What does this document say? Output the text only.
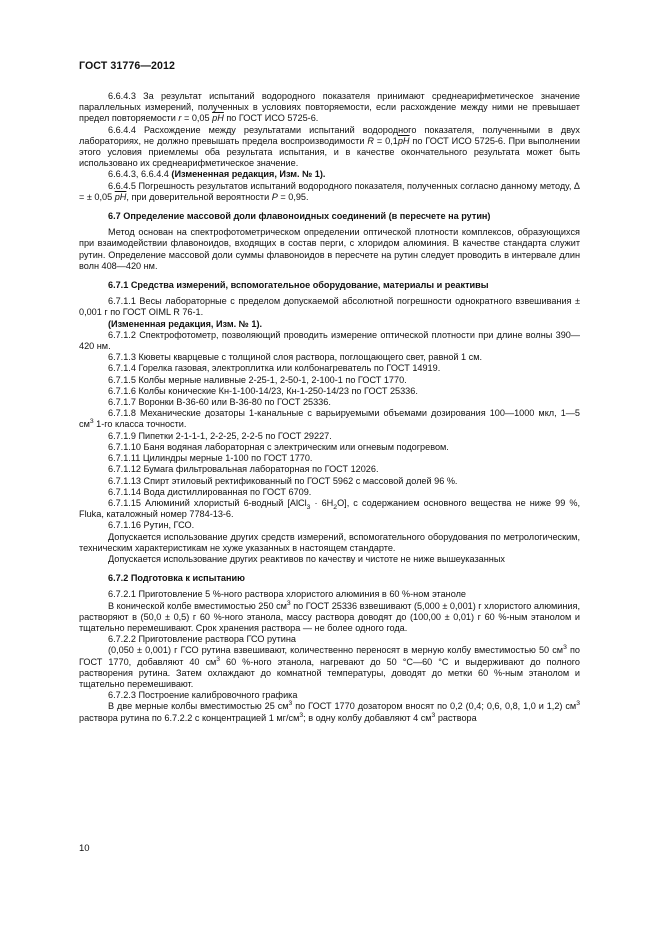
ГОСТ 31776—2012

6.6.4.3 За результат испытаний водородного показателя принимают среднеарифметическое значение параллельных измерений, полученных в условиях повторяемости, если расхождение между ними не превышает предел повторяемости r = 0,05 $\overline{pH}$ по ГОСТ ИСО 5725-6.

6.6.4.4 Расхождение между результатами испытаний водородного показателя, полученными в двух лабораториях, не должно превышать предела воспроизводимости $R = 0,1\overline{pH}$ по ГОСТ ИСО 5725-6. При выполнении этого условия приемлемы оба результата испытания, и в качестве окончательного результата может быть использовано их среднеарифметическое значение.

6.6.4.3, 6.6.4.4 (Измененная редакция, Изм. № 1).

6.6.4.5 Погрешность результатов испытаний водородного показателя, полученных согласно данному методу, Δ = ± 0,05 $\overline{pH}$, при доверительной вероятности P = 0,95.

6.7 Определение массовой доли флавоноидных соединений (в пересчете на рутин)

Метод основан на спектрофотометрическом определении оптической плотности комплексов, образующихся при взаимодействии флавоноидов, входящих в состав перги, с хлоридом алюминия. В качестве стандарта служит рутин. Определение массовой доли суммы флавоноидов в пересчете на рутин следует проводить в интервале длин волн 408—420 нм.

6.7.1 Средства измерений, вспомогательное оборудование, материалы и реактивы

6.7.1.1 Весы лабораторные с пределом допускаемой абсолютной погрешности однократного взвешивания ± 0,001 г по ГОСТ OIML R 76-1.

(Измененная редакция, Изм. № 1).

6.7.1.2 Спектрофотометр, позволяющий проводить измерение оптической плотности при длине волны 390—420 нм.

6.7.1.3 Кюветы кварцевые с толщиной слоя раствора, поглощающего свет, равной 1 см.

6.7.1.4 Горелка газовая, электроплитка или колбонагреватель по ГОСТ 14919.

6.7.1.5 Колбы мерные наливные 2-25-1, 2-50-1, 2-100-1 по ГОСТ 1770.

6.7.1.6 Колбы конические Кн-1-100-14/23, Кн-1-250-14/23 по ГОСТ 25336.

6.7.1.7 Воронки В-36-60 или В-36-80 по ГОСТ 25336.

6.7.1.8 Механические дозаторы 1-канальные с варьируемыми объемами дозирования 100—1000 мкл, 1—5 $см^3$ 1-го класса точности.

6.7.1.9 Пипетки 2-1-1-1, 2-2-25, 2-2-5 по ГОСТ 29227.

6.7.1.10 Баня водяная лабораторная с электрическим или огневым подогревом.

6.7.1.11 Цилиндры мерные 1-100 по ГОСТ 1770.

6.7.1.12 Бумага фильтровальная лабораторная по ГОСТ 12026.

6.7.1.13 Спирт этиловый ректификованный по ГОСТ 5962 с массовой долей 96 %.

6.7.1.14 Вода дистиллированная по ГОСТ 6709.

6.7.1.15 Алюминий хлористый 6-водный [AlCl$_3$ · $6H_2O$], с содержанием основного вещества не ниже 99 %, Fluka, каталожный номер 7784-13-6.

6.7.1.16 Рутин, ГСО.

Допускается использование других средств измерений, вспомогательного оборудования по метрологическим, техническим характеристикам не хуже указанных в настоящем стандарте.

Допускается использование других реактивов по качеству и чистоте не ниже вышеуказанных

6.7.2 Подготовка к испытанию

6.7.2.1 Приготовление 5 %-ного раствора хлористого алюминия в 60 %-ном этаноле

В конической колбе вместимостью 250 $см^3$ по ГОСТ 25336 взвешивают (5,000 ± 0,001) г хлористого алюминия, растворяют в (50,0 ± 0,5) г 60 %-ного этанола, массу раствора доводят до (100,00 ± 0,01) г 60 %-ным этанолом и тщательно перемешивают. Срок хранения раствора — не более одного года.

6.7.2.2 Приготовление раствора ГСО рутина

(0,050 ± 0,001) г ГСО рутина взвешивают, количественно переносят в мерную колбу вместимостью 50 $см^3$ по ГОСТ 1770, добавляют 40 $см^3$ 60 %-ного этанола, нагревают до 50 °С—60 °С и выдерживают до полного растворения рутина. Затем охлаждают до комнатной температуры, доводят до метки 60 %-ным этанолом и тщательно перемешивают.

6.7.2.3 Построение калибровочного графика

В две мерные колбы вместимостью 25 $см^3$ по ГОСТ 1770 дозатором вносят по 0,2 (0,4; 0,6, 0,8, 1,0 и 1,2) $см^3$ раствора рутина по 6.7.2.2 с концентрацией 1 $мг/см^3$; в одну колбу добавляют 4 $см^3$ раствора

10
